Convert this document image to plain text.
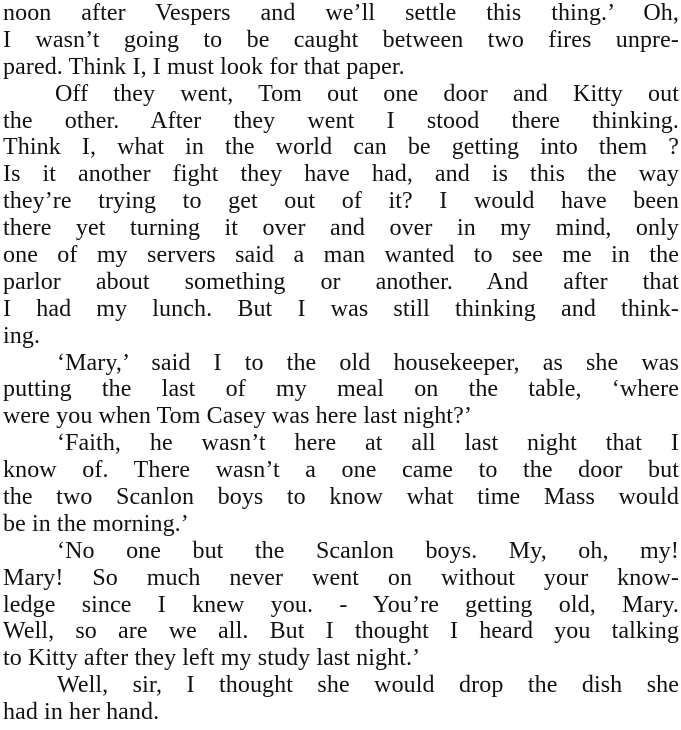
noon after Vespers and we’ll settle this thing.’ Oh,
I wasn’t going to be caught between two fires unpre-
pared. Think I, I must look for that paper.
Off they went, Tom out one door and Kitty out
the other. After they went I stood there thinking.
Think I, what in the world can be getting into them ?
Is it another fight they have had, and is this the way
they’re trying to get out of it? I would have been
there yet turning it over and over in my mind, only
one of my servers said a man wanted to see me in the
parlor about something or another. And after that
I had my lunch. But I was still thinking and think-
ing.
‘Mary,’ said I to the old housekeeper, as she was
putting the last of my meal on the table, ‘where
were you when Tom Casey was here last night?’
‘Faith, he wasn’t here at all last night that I
know of. There wasn’t a one came to the door but
the two Scanlon boys to know what time Mass would
be in the morning.’
‘No one but the Scanlon boys. My, oh, my!
Mary! So much never went on without your know-
ledge since I knew you. - You’re getting old, Mary.
Well, so are we all. But I thought I heard you talking
to Kitty after they left my study last night.’
Well, sir, I thought she would drop the dish she
had in her hand.
